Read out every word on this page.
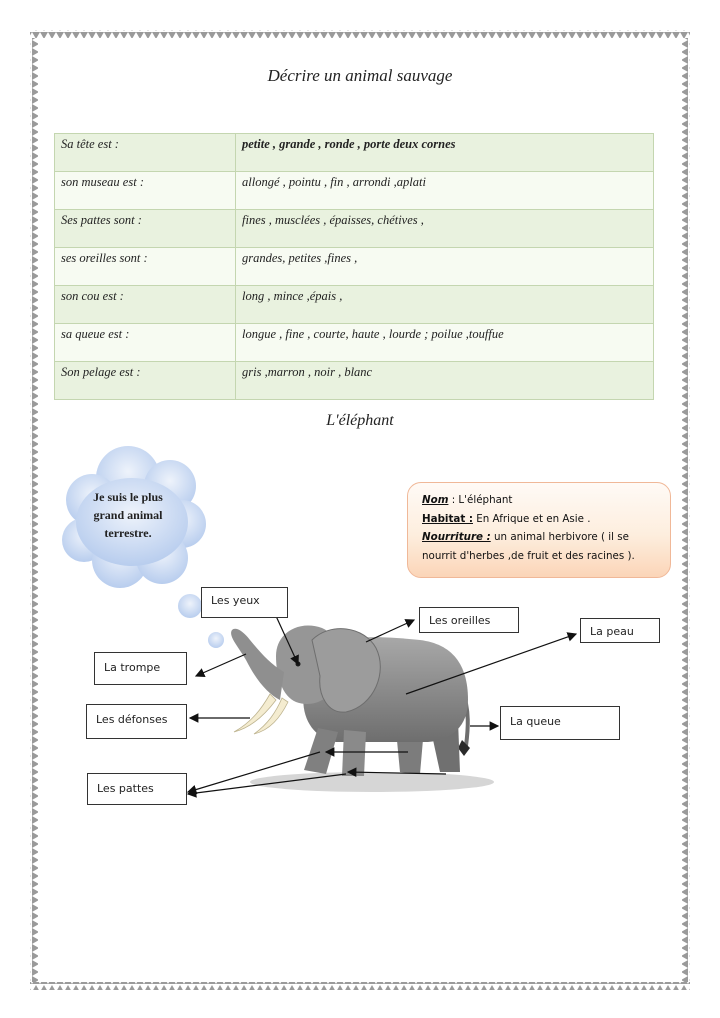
Décrire un animal sauvage
Sa tête est :	petite , grande , ronde , porte deux cornes
son museau est :	allongé , pointu , fin , arrondi ,aplati
Ses pattes sont :	fines , musclées , épaisses, chétives ,
ses oreilles sont :	grandes, petites ,fines ,
son cou est :	long , mince ,épais ,
sa queue est :	longue , fine , courte, haute , lourde ; poilue ,touffue
Son pelage est :	gris ,marron , noir , blanc
L'éléphant
Je suis le plus
grand animal
terrestre.
Nom : L'éléphant
Habitat : En Afrique et en Asie .
Nourriture : un animal herbivore ( il se
nourrit d'herbes ,de fruit et des racines ).
Les yeux
Les oreilles
La peau
La trompe
Les défonses	La queue
Les pattes
